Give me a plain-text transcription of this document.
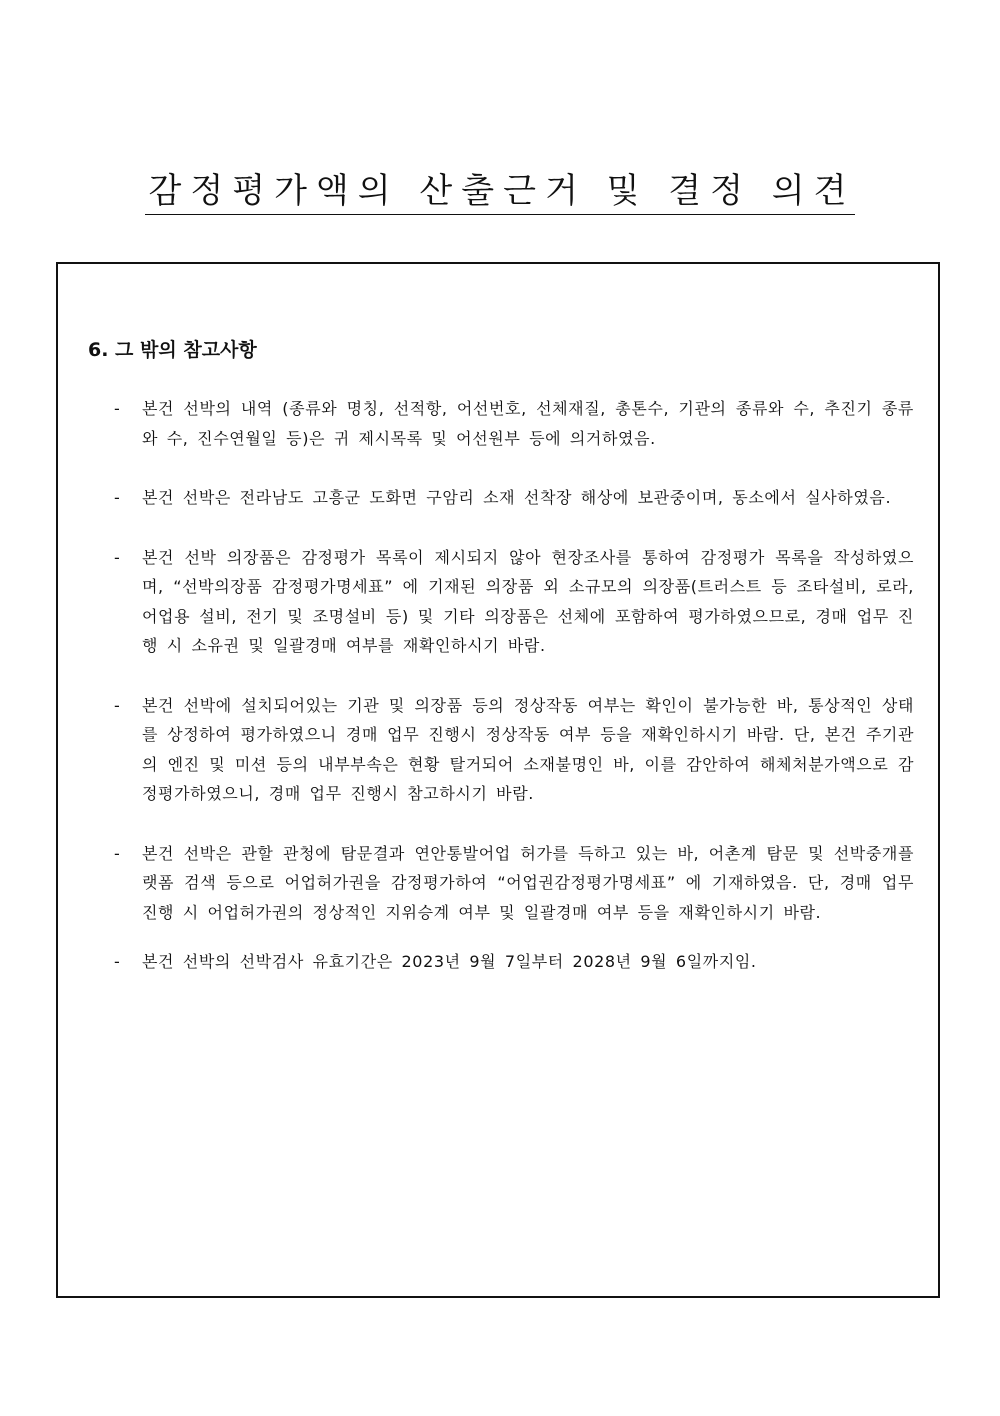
감정평가액의 산출근거 및 결정 의견
6. 그 밖의 참고사항
- 본건 선박의 내역 (종류와 명칭, 선적항, 어선번호, 선체재질, 총톤수, 기관의 종류와 수, 추진기 종류와 수, 진수연월일 등)은 귀 제시목록 및 어선원부 등에 의거하였음.
- 본건 선박은 전라남도 고흥군 도화면 구암리 소재 선착장 해상에 보관중이며, 동소에서 실사하였음.
- 본건 선박 의장품은 감정평가 목록이 제시되지 않아 현장조사를 통하여 감정평가 목록을 작성하였으며, “선박의장품 감정평가명세표” 에 기재된 의장품 외 소규모의 의장품(트러스트 등 조타설비, 로라, 어업용 설비, 전기 및 조명설비 등) 및 기타 의장품은 선체에 포함하여 평가하였으므로, 경매 업무 진행 시 소유권 및 일괄경매 여부를 재확인하시기 바람.
- 본건 선박에 설치되어있는 기관 및 의장품 등의 정상작동 여부는 확인이 불가능한 바, 통상적인 상태를 상정하여 평가하였으니 경매 업무 진행시 정상작동 여부 등을 재확인하시기 바람. 단, 본건 주기관의 엔진 및 미션 등의 내부부속은 현황 탈거되어 소재불명인 바, 이를 감안하여 해체처분가액으로 감정평가하였으니, 경매 업무 진행시 참고하시기 바람.
- 본건 선박은 관할 관청에 탐문결과 연안통발어업 허가를 득하고 있는 바, 어촌계 탐문 및 선박중개플랫폼 검색 등으로 어업허가권을 감정평가하여 “어업권감정평가명세표” 에 기재하였음. 단, 경매 업무 진행 시 어업허가권의 정상적인 지위승계 여부 및 일괄경매 여부 등을 재확인하시기 바람.
- 본건 선박의 선박검사 유효기간은 2023년 9월 7일부터 2028년 9월 6일까지임.
